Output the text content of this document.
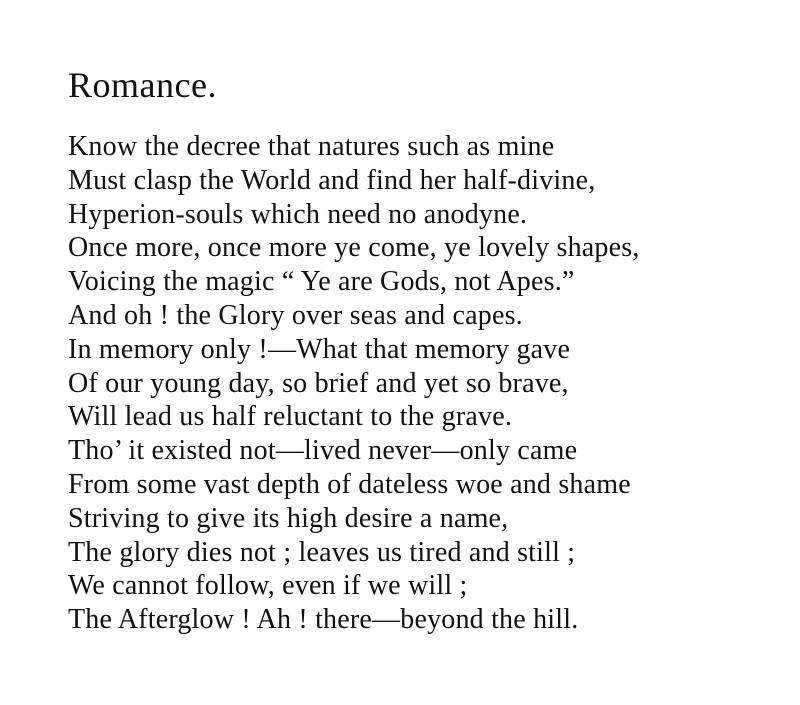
Romance.
Know the decree that natures such as mine
Must clasp the World and find her half-divine,
Hyperion-souls which need no anodyne.
Once more, once more ye come, ye lovely shapes,
Voicing the magic “ Ye are Gods, not Apes.”
And oh ! the Glory over seas and capes.
In memory only !—What that memory gave
Of our young day, so brief and yet so brave,
Will lead us half reluctant to the grave.
Tho’ it existed not—lived never—only came
From some vast depth of dateless woe and shame
Striving to give its high desire a name,
The glory dies not ; leaves us tired and still ;
We cannot follow, even if we will ;
The Afterglow ! Ah ! there—beyond the hill.
